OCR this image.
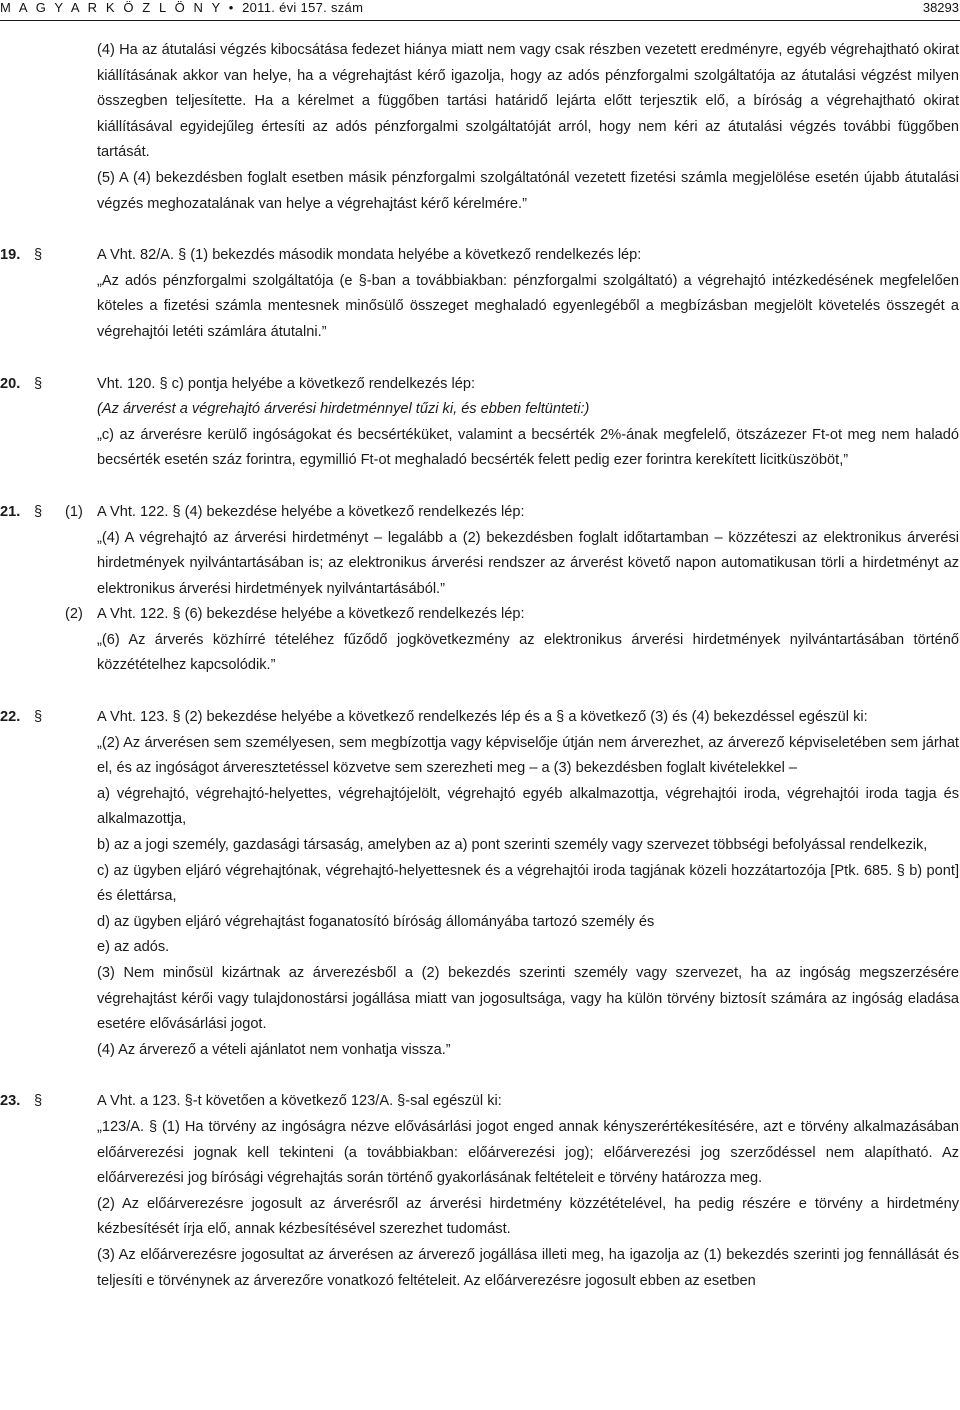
M A G Y A R K Ö Z L Ö N Y • 2011. évi 157. szám	38293

(4) Ha az átutalási végzés kibocsátása fedezet hiánya miatt nem vagy csak részben vezetett eredményre, egyéb végrehajtható okirat kiállításának akkor van helye, ha a végrehajtást kérő igazolja, hogy az adós pénzforgalmi szolgáltatója az átutalási végzést milyen összegben teljesítette. Ha a kérelmet a függőben tartási határidő lejárta előtt terjesztik elő, a bíróság a végrehajtható okirat kiállításával egyidejűleg értesíti az adós pénzforgalmi szolgáltatóját arról, hogy nem kéri az átutalási végzés további függőben tartását.

(5) A (4) bekezdésben foglalt esetben másik pénzforgalmi szolgáltatónál vezetett fizetési számla megjelölése esetén újabb átutalási végzés meghozatalának van helye a végrehajtást kérő kérelmére.”

19. §	A Vht. 82/A. § (1) bekezdés második mondata helyébe a következő rendelkezés lép:

„Az adós pénzforgalmi szolgáltatója (e §-ban a továbbiakban: pénzforgalmi szolgáltató) a végrehajtó intézkedésének megfelelően köteles a fizetési számla mentesnek minősülő összeget meghaladó egyenlegéből a megbízásban megjelölt követelés összegét a végrehajtói letéti számlára átutalni.”

20. §	Vht. 120. § c) pontja helyébe a következő rendelkezés lép:

(Az árverést a végrehajtó árverési hirdetménnyel tűzi ki, és ebben feltünteti:)

„c) az árverésre kerülő ingóságokat és becsértéküket, valamint a becsérték 2%-ának megfelelő, ötszázezer Ft-ot meg nem haladó becsérték esetén száz forintra, egymillió Ft-ot meghaladó becsérték felett pedig ezer forintra kerekített licitküszöböt,”

21. § (1) A Vht. 122. § (4) bekezdése helyébe a következő rendelkezés lép:

„(4) A végrehajtó az árverési hirdetményt – legalább a (2) bekezdésben foglalt időtartamban – közzéteszi az elektronikus árverési hirdetmények nyilvántartásában is; az elektronikus árverési rendszer az árverést követő napon automatikusan törli a hirdetményt az elektronikus árverési hirdetmények nyilvántartásából.”

(2) A Vht. 122. § (6) bekezdése helyébe a következő rendelkezés lép:

„(6) Az árverés közhírré tételéhez fűződő jogkövetkezmény az elektronikus árverési hirdetmények nyilvántartásában történő közzétételhez kapcsolódik.”

22. §	A Vht. 123. § (2) bekezdése helyébe a következő rendelkezés lép és a § a következő (3) és (4) bekezdéssel egészül ki:

„(2) Az árverésen sem személyesen, sem megbízottja vagy képviselője útján nem árverezhet, az árverező képviseletében sem járhat el, és az ingóságot árveresztetéssel közvetve sem szerezheti meg – a (3) bekezdésben foglalt kivételekkel –

a) végrehajtó, végrehajtó-helyettes, végrehajtójelölt, végrehajtó egyéb alkalmazottja, végrehajtói iroda, végrehajtói iroda tagja és alkalmazottja,

b) az a jogi személy, gazdasági társaság, amelyben az a) pont szerinti személy vagy szervezet többségi befolyással rendelkezik,

c) az ügyben eljáró végrehajtónak, végrehajtó-helyettesnek és a végrehajtói iroda tagjának közeli hozzátartozója [Ptk. 685. § b) pont] és élettársa,

d) az ügyben eljáró végrehajtást foganatosító bíróság állományába tartozó személy és

e) az adós.

(3) Nem minősül kizártnak az árverezésből a (2) bekezdés szerinti személy vagy szervezet, ha az ingóság megszerzésére végrehajtást kérői vagy tulajdonostársi jogállása miatt van jogosultsága, vagy ha külön törvény biztosít számára az ingóság eladása esetére elővásárlási jogot.

(4) Az árverező a vételi ajánlatot nem vonhatja vissza.”

23. §	A Vht. a 123. §-t követően a következő 123/A. §-sal egészül ki:

„123/A. § (1) Ha törvény az ingóságra nézve elővásárlási jogot enged annak kényszerértékesítésére, azt e törvény alkalmazásában előárverezési jognak kell tekinteni (a továbbiakban: előárverezési jog); előárverezési jog szerződéssel nem alapítható. Az előárverezési jog bírósági végrehajtás során történő gyakorlásának feltételeit e törvény határozza meg.

(2) Az előárverezésre jogosult az árverésről az árverési hirdetmény közzétételével, ha pedig részére e törvény a hirdetmény kézbesítését írja elő, annak kézbesítésével szerezhet tudomást.

(3) Az előárverezésre jogosultat az árverésen az árverező jogállása illeti meg, ha igazolja az (1) bekezdés szerinti jog fennállását és teljesíti e törvénynek az árverezőre vonatkozó feltételeit. Az előárverezésre jogosult ebben az esetben
